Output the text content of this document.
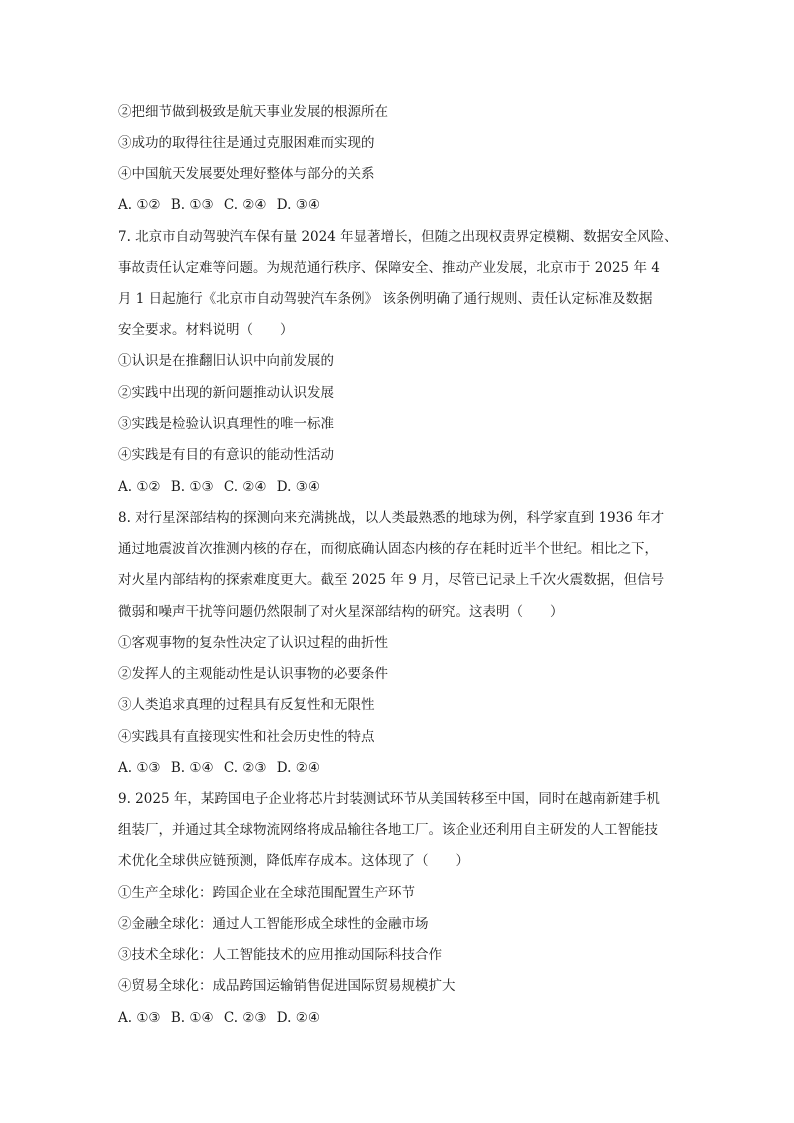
②把细节做到极致是航天事业发展的根源所在
③成功的取得往往是通过克服困难而实现的
④中国航天发展要处理好整体与部分的关系
A. ①② B. ①③ C. ②④ D. ③④
7. 北京市自动驾驶汽车保有量 2024 年显著增长，但随之出现权责界定模糊、数据安全风险、
事故责任认定难等问题。为规范通行秩序、保障安全、推动产业发展，北京市于 2025 年 4
月 1 日起施行《北京市自动驾驶汽车条例》 该条例明确了通行规则、责任认定标准及数据
安全要求。材料说明（　　）
①认识是在推翻旧认识中向前发展的
②实践中出现的新问题推动认识发展
③实践是检验认识真理性的唯一标准
④实践是有目的有意识的能动性活动
A. ①② B. ①③ C. ②④ D. ③④
8. 对行星深部结构的探测向来充满挑战，以人类最熟悉的地球为例，科学家直到 1936 年才
通过地震波首次推测内核的存在，而彻底确认固态内核的存在耗时近半个世纪。相比之下，
对火星内部结构的探索难度更大。截至 2025 年 9 月，尽管已记录上千次火震数据，但信号
微弱和噪声干扰等问题仍然限制了对火星深部结构的研究。这表明（　　）
①客观事物的复杂性决定了认识过程的曲折性
②发挥人的主观能动性是认识事物的必要条件
③人类追求真理的过程具有反复性和无限性
④实践具有直接现实性和社会历史性的特点
A. ①③ B. ①④ C. ②③ D. ②④
9. 2025 年，某跨国电子企业将芯片封装测试环节从美国转移至中国，同时在越南新建手机
组装厂，并通过其全球物流网络将成品输往各地工厂。该企业还利用自主研发的人工智能技
术优化全球供应链预测，降低库存成本。这体现了（　　）
①生产全球化：跨国企业在全球范围配置生产环节
②金融全球化：通过人工智能形成全球性的金融市场
③技术全球化：人工智能技术的应用推动国际科技合作
④贸易全球化：成品跨国运输销售促进国际贸易规模扩大
A. ①③ B. ①④ C. ②③ D. ②④
